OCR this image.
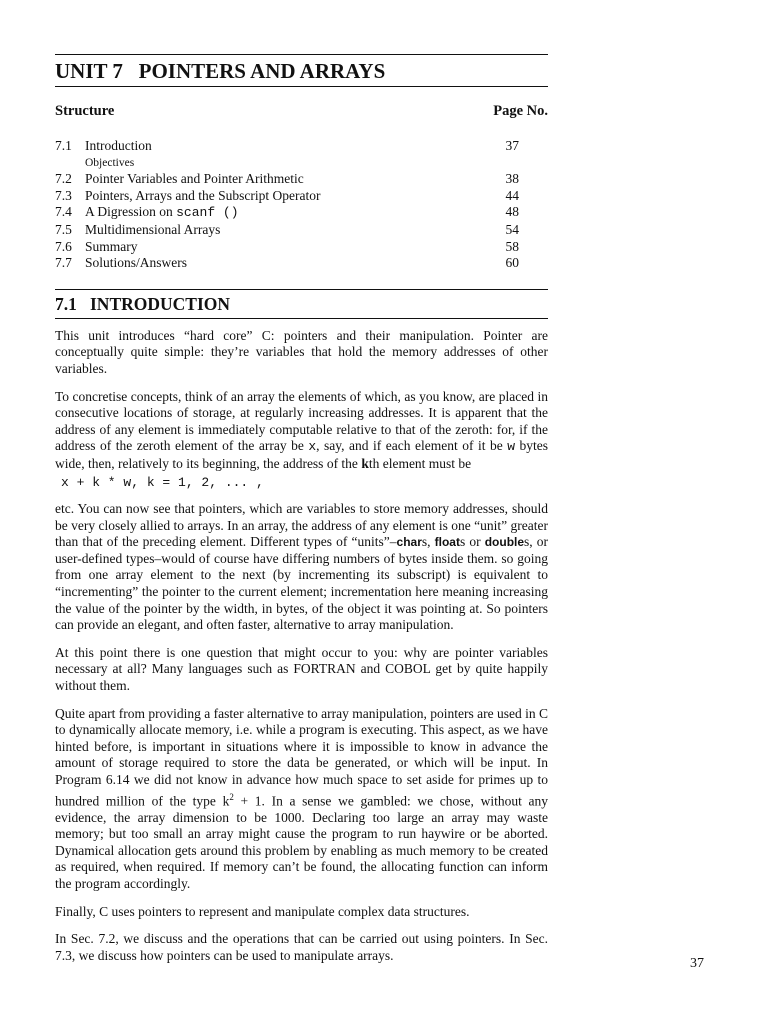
UNIT 7   POINTERS AND ARRAYS
Structure	Page No.
7.1 Introduction	37
Objectives
7.2 Pointer Variables and Pointer Arithmetic	38
7.3 Pointers, Arrays and the Subscript Operator	44
7.4 A Digression on scanf ()	48
7.5 Multidimensional Arrays	54
7.6 Summary	58
7.7 Solutions/Answers	60
7.1   INTRODUCTION

This unit introduces “hard core” C: pointers and their manipulation. Pointer are conceptually quite simple: they’re variables that hold the memory addresses of other variables.

To concretise concepts, think of an array the elements of which, as you know, are placed in consecutive locations of storage, at regularly increasing addresses. It is apparent that the address of any element is immediately computable relative to that of the zeroth: for, if the address of the zeroth element of the array be x, say, and if each element of it be w bytes wide, then, relatively to its beginning, the address of the kth element must be

x + k * w, k = 1, 2, ... ,

etc. You can now see that pointers, which are variables to store memory addresses, should be very closely allied to arrays. In an array, the address of any element is one “unit” greater than that of the preceding element. Different types of “units”–chars, floats or doubles, or user-defined types–would of course have differing numbers of bytes inside them. so going from one array element to the next (by incrementing its subscript) is equivalent to “incrementing” the pointer to the current element; incrementation here meaning increasing the value of the pointer by the width, in bytes, of the object it was pointing at. So pointers can provide an elegant, and often faster, alternative to array manipulation.

At this point there is one question that might occur to you: why are pointer variables necessary at all? Many languages such as FORTRAN and COBOL get by quite happily without them.

Quite apart from providing a faster alternative to array manipulation, pointers are used in C to dynamically allocate memory, i.e. while a program is executing. This aspect, as we have hinted before, is important in situations where it is impossible to know in advance the amount of storage required to store the data be generated, or which will be input. In Program 6.14 we did not know in advance how much space to set aside for primes up to hundred million of the type $k^2 + 1$. In a sense we gambled: we chose, without any evidence, the array dimension to be 1000. Declaring too large an array may waste memory; but too small an array might cause the program to run haywire or be aborted. Dynamical allocation gets around this problem by enabling as much memory to be created as required, when required. If memory can’t be found, the allocating function can inform the program accordingly.

Finally, C uses pointers to represent and manipulate complex data structures.

In Sec. 7.2, we discuss and the operations that can be carried out using pointers. In Sec. 7.3, we discuss how pointers can be used to manipulate arrays.

37
